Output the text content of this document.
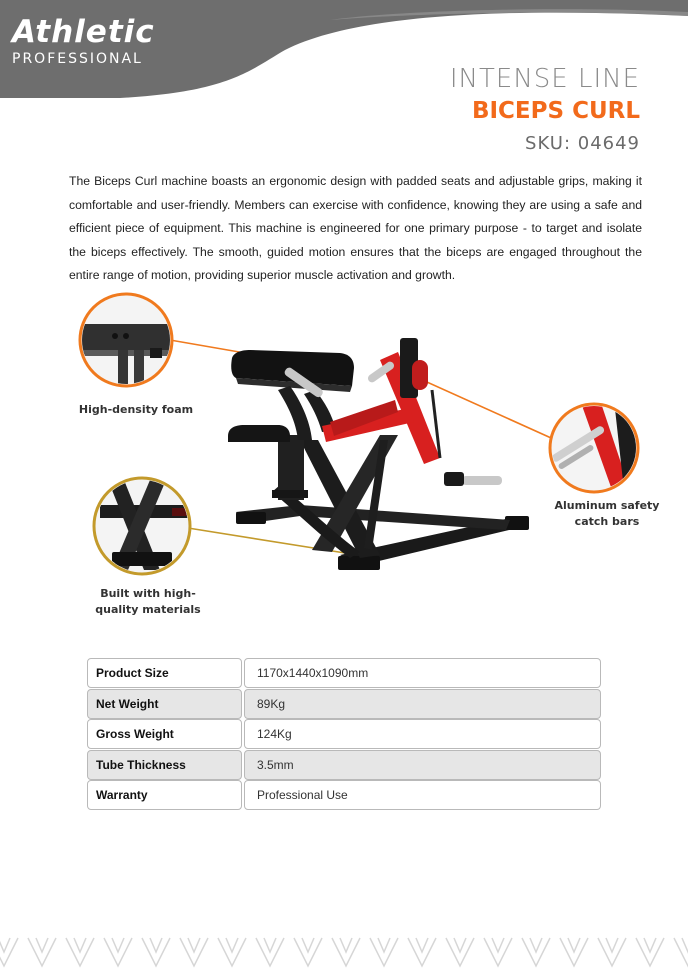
Athletic
PROFESSIONAL
INTENSE LINE
BICEPS CURL
SKU: 04649

The Biceps Curl machine boasts an ergonomic design with padded seats and adjustable grips, making it comfortable and user-friendly. Members can exercise with confidence, knowing they are using a safe and efficient piece of equipment. This machine is engineered for one primary purpose - to target and isolate the biceps effectively. The smooth, guided motion ensures that the biceps are engaged throughout the entire range of motion, providing superior muscle activation and growth.

High-density foam
Aluminum safety
catch bars
Built with high-
quality materials
Product Size	1170x1440x1090mm
Net Weight	89Kg
Gross Weight	124Kg
Tube Thickness	3.5mm
Warranty	Professional Use
